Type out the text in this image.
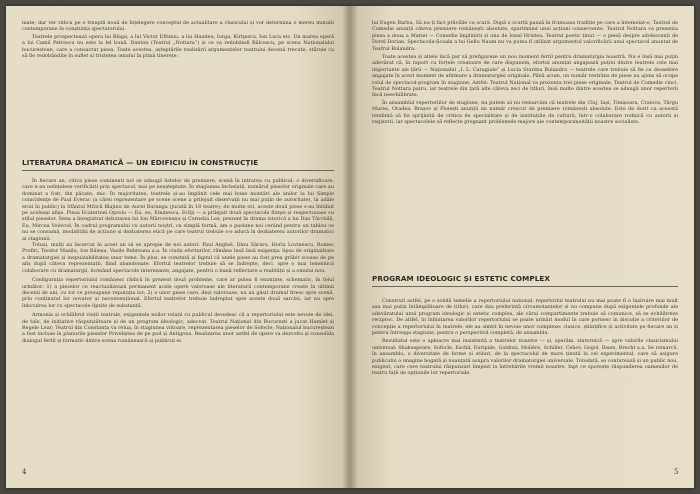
mate; dar ver ridica pe o treaptă nouă de înțelegere conceptul de actualitare a clasicului și vor determina o mereu mutații contemporane în conștiința spectatorului.

Teatrele prospectează opera lui Blaga, a lui Victor Eftimiu, a lui Haudeu, Iorga, Kiriţescu, Ion Luca etc. Da marea operă a lui Camil Petrescu nu este la fel bună. Danton (Teatrul „Nottara”) și ce va redobândi Bălcescu, pe scena Naționalului bucureștean, care a consacrat piesa. Toate acestea, așteptările realizării argumentelor teatrului decenii trecute, stăruie ca să fie redobândite în suflet și tristețea omului în plină tinerețe.

LITERATURA DRAMATICĂ — UN EDIFICIU ÎN CONSTRUCȚIE

În fiecare an, citiva piese cominenti noi se adaugă listelor de premiere, scenă în intrarea cu publicul; o diversificare, care n-au neînțelese verificării prin spectacol, mai pe neașteptate. În stagiunea încheiată, numărul pieselor originale care au dominat a fost, din păcate, mic. În majoritatea, teatrele și-au împlinit cele mai bune montări ale anilor la lui Simple coincidenţe de Paul Everac (a cărei reprezentare pe scene scene a prilejuit observații nu mai puțin de autoritate), la adâle eroii în public) la Sfântul Mitică Blajinu de Aurel Baranga (jucată în 18 teatre); de multe ori, aceste două piese s-au întâlnit pe aceleași afișe. Piesa Ecaterinei Oproiu — Eu, eu, Eminescu, Ecliji — a prilejuit două spectacole fiinţei și respectuoase cu stilul pieselor. Sena a înregistrat debutarea lui Ion Mărcoveanu și Cornelia Lex, prezent în drama istorică a lui Dan Tărchilă, Eu, Mircea Voievod. În cadrul programului cu autorii noștri, ca simplă formă, am o pasiune noi cerând pentru un tablou ce nu se consumă, modalități de acțiune și dezbaterea etică pe care teatrul trebuie s-o aducă în dezbaterea autorilor dramatici ai stagiunii.

Totuși, mulți au încercat în acest an să se apropie de noi autori: Paul Anghel, Dinu Săraru, Horia Lovinescu, Romeo Profiri, Teodor Mazilu, Ion Băieșu, Vasile Rebreanu ș.a. În ciuda eforturilor, rămâne însă însă exigența: lipsa de originalitate a dramaturgiei și inepuizabilitatea unor teme. În plus, se constată și faptul că unele piese au fost prea grăbit scoase de pe afiș după câteva reprezentații, fiind abandonate. Efortul teatrelor trebuie să se îndrepte, deci, spre o mai temeinică colaborare cu dramaturgii, formând spectacole interesante, angajate, pentru o bună reflectare a realității și a omului nou.

Configurația repertoriului românesc rădică în prezent două probleme, care ar putea fi enunțate, schematic, în felul următor: 1) a pieselor ce reactualizează permanent acele opere valoroase ale literaturii contemporane create în ultimii decenii de ani, cu tot ce presupune reputația lor; 2) a unor piese care, deși valoroase, nu au găsit drumul firesc spre scenă, prin conținutul lor novator și neconvențional. Efortul teatrelor trebuie îndreptat spre aceste două sarcini, iar nu spre înlocuirea lor cu spectacole lipsite de substanță.

Armonia și echilibrul vieții teatrale, exigențele noilor relații cu publicul devedesc că a repertoriului este nevoie de idei, de tale, de inițiative răspunzătoare și de un program ideologic, adecvat. Teatrul Național din București a jucat Hamlet și Regele Lear; Teatrul din Constanța va relua, în stagiunea viitoare, reprezentarea pieselor de Sofocle; Naționalul bucureștean a fost incluse în planurile pieselor Priveliștea de pe pod și Antigona. Realizarea unor astfel de opere va dezvolta și consolida dialogul fertil și formativ dintre scena românească și publicul ei.

4

lui Eugen Barbu, Să nu-ți faci prăvălie cu scară. După o scurtă pauză în frumoasa tradiție pe care a întemeiat-o, Teatrul de Comedie anunță câteva premiere românești absolute, spartimind unei acțiuni consecvente. Teatrul Nottara va prezenta piesa a doua a Mariei — Comedie împlinirii și una de Ionel Hristea. Teatrul poetic ținut — o piesă despre adolescenți de Dorel Dorian. Spectacola-Școala a lui Gellu Naum nu va putea fi utilizat argumentul valorificării unui spectacol anuntat de Teatrul Bulandra.

Toate acestea și altele încă par să prefigureze un nou moment fertil pentru dramaturgia noastră. Nu e însă mai puțin adevărat că, în raport cu forțele creatoare de care dispunem, efortul anunțat angajează puțini dintre teatrele cele mai importante ale țării — Naționalul „I. L. Caragiale” și Lucia Sturdza Bulandra — teatrele care trebuie să fie cu deosebire angajate în acest moment de afirmare a dramaturgiei originale. Până acum, un număr restrâns de piese au ajuns să ocupe rolul de spectacol-program în stagiune. Astfel: Teatrul Național va prezenta trei piese originale, Teatrul de Comedie cinci, Teatrul Nottara patru, iar teatrele din țară alte câteva zeci de titluri, însă multe dintre acestea se adaugă unor repertorii încă neechilibrate.

În ansamblul repertoriilor de stagiune, nu putem să nu remarcăm că teatrele din Cluj, Iași, Timișoara, Craiova, Târgu Mureș, Oradea, Brașov și Ploiești anunță un număr crescut de premiere românești absolute. Este de dorit ca această tendință să fie sprijinită de critica de specialitate și de instituțiile de cultură, într-o colaborare rodnică cu autorii și regizorii, iar spectacolele să reflecte pregnant problemele majore ale contemporaneității noastre socialiste.

PROGRAM IDEOLOGIC ȘI ESTETIC COMPLEX

Construit astfel, pe o solidă temelie a repertoriului național, repertoriul teatrului nu mai poate fi o înșiruire mai mult sau mai puțin întâmplătoare de titluri, care dau preferință circumstanțelor și nu compune după exigențele profunde ale adevăratului unui program ideologic și estetic complex, ale cărui compartimente trebuie să comunice, să se echilibreze reciproc. De altfel, în înființarea valorilor repertoriului se poate urmări modul în care pornesc în discuție a criteriilor de concepție a repertoriului în teatrele: ele au simțit în nevoie unor complexe: clasice, științifice și activitate pe fiecare an și pentru întreaga stagiune, pentru o perspectivă completă, de ansamblu.

Rezultatul este o apleacre mai insistentă a teatrelor noastre — și, sperăm, statornică — spre valorile clasicismului universal: Shakespeare, Sofocle, Eschil, Euripide, Goldoni, Molière, Schiller, Cehov, Gogol, Ibsen, Brecht ș.a. Se remarcă, în ansamblu, o diversitate de forme și stiluri, de la spectacolul de mare ținută la cel experimental, care să asigure publicului o imagine bogată și nuanțată asupra valorilor dramaturgiei universale. Totodată, se conturează și un public nou, exigent, care cere teatrului răspunsuri limpezi la întrebările vremii noastre, fapt ce sporește răspunderea oamenilor de teatru față de opțiunile lor repertoriale.

5
